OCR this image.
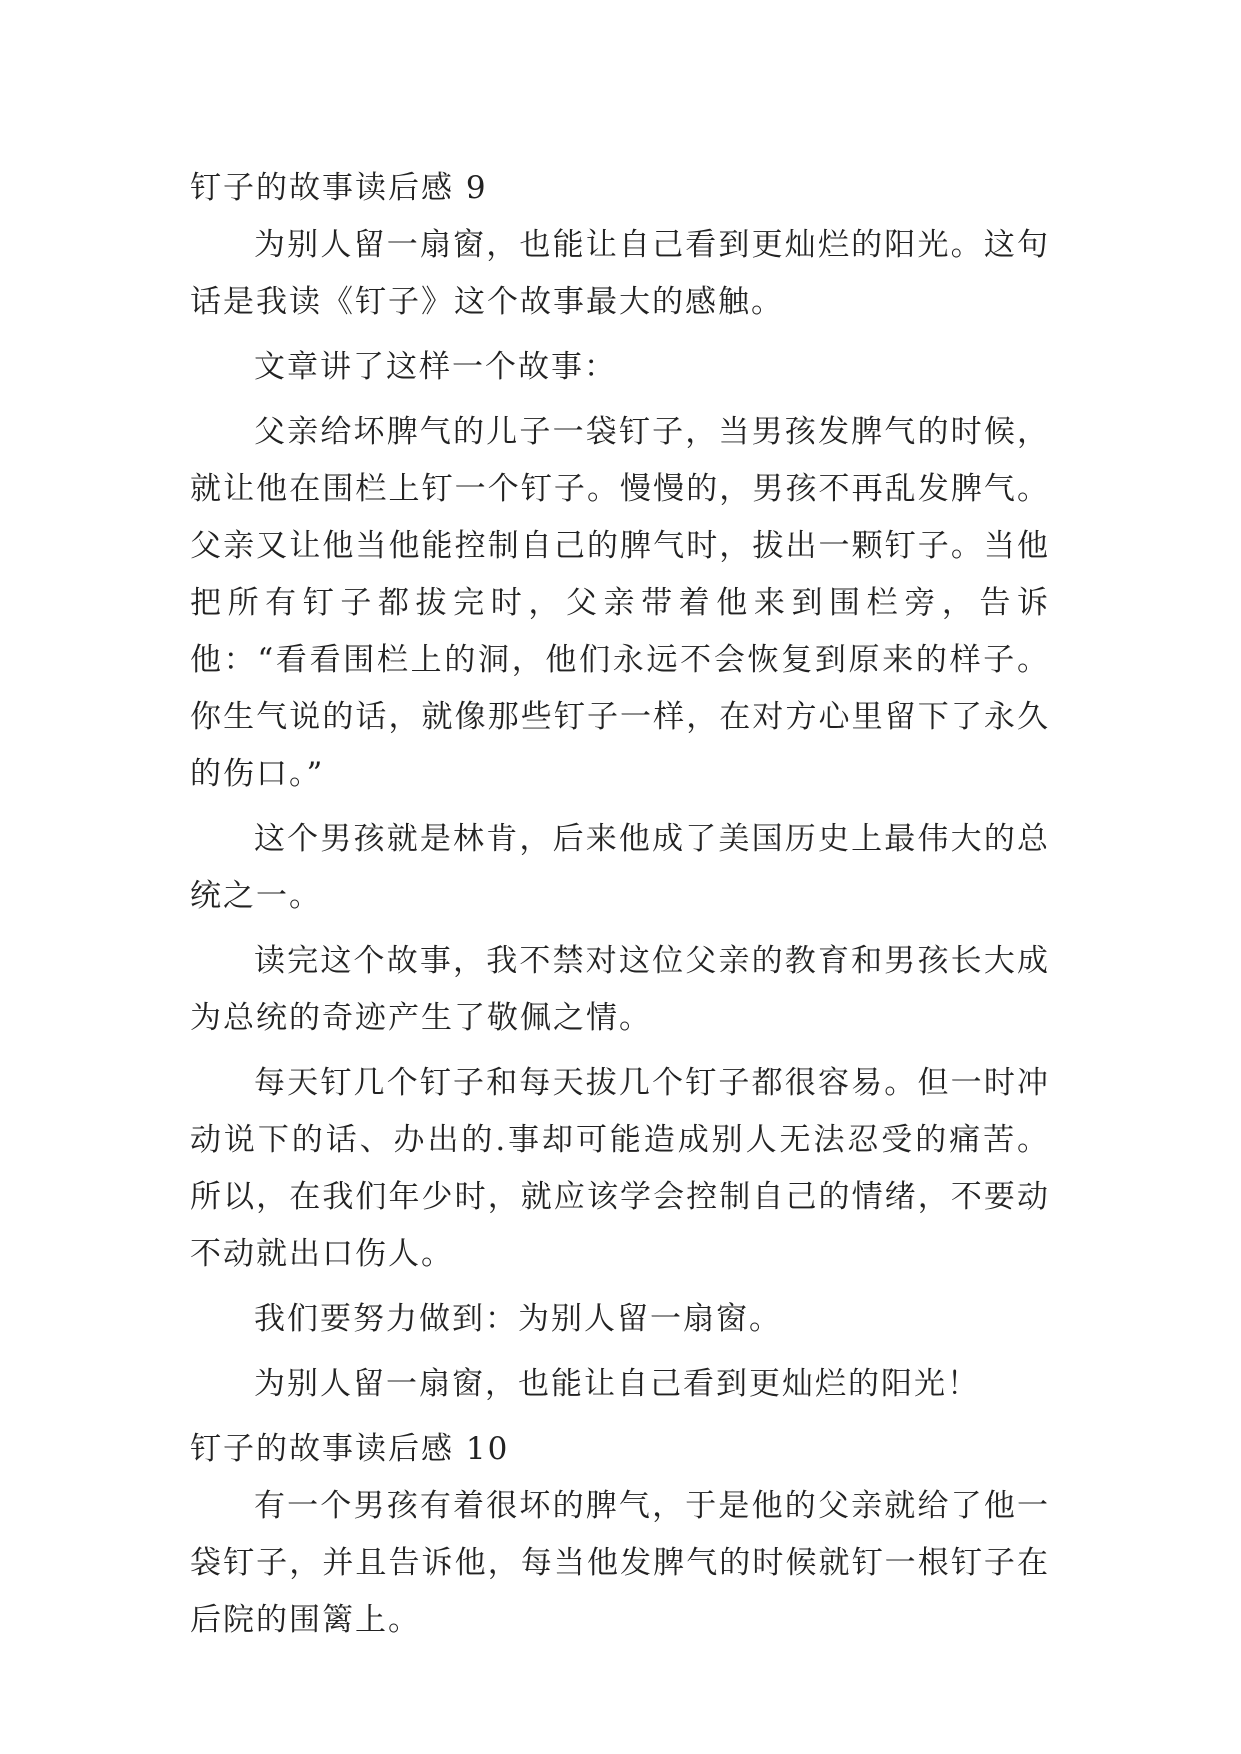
钉子的故事读后感 9

为别人留一扇窗，也能让自己看到更灿烂的阳光。这句话是我读《钉子》这个故事最大的感触。

文章讲了这样一个故事：

父亲给坏脾气的儿子一袋钉子，当男孩发脾气的时候，就让他在围栏上钉一个钉子。慢慢的，男孩不再乱发脾气。父亲又让他当他能控制自己的脾气时，拔出一颗钉子。当他把所有钉子都拔完时，父亲带着他来到围栏旁，告诉他：“看看围栏上的洞，他们永远不会恢复到原来的样子。你生气说的话，就像那些钉子一样，在对方心里留下了永久的伤口。”

这个男孩就是林肯，后来他成了美国历史上最伟大的总统之一。

读完这个故事，我不禁对这位父亲的教育和男孩长大成为总统的奇迹产生了敬佩之情。

每天钉几个钉子和每天拔几个钉子都很容易。但一时冲动说下的话、办出的.事却可能造成别人无法忍受的痛苦。所以，在我们年少时，就应该学会控制自己的情绪，不要动不动就出口伤人。

我们要努力做到：为别人留一扇窗。

为别人留一扇窗，也能让自己看到更灿烂的阳光！

钉子的故事读后感 10

有一个男孩有着很坏的脾气，于是他的父亲就给了他一袋钉子，并且告诉他，每当他发脾气的时候就钉一根钉子在后院的围篱上。
